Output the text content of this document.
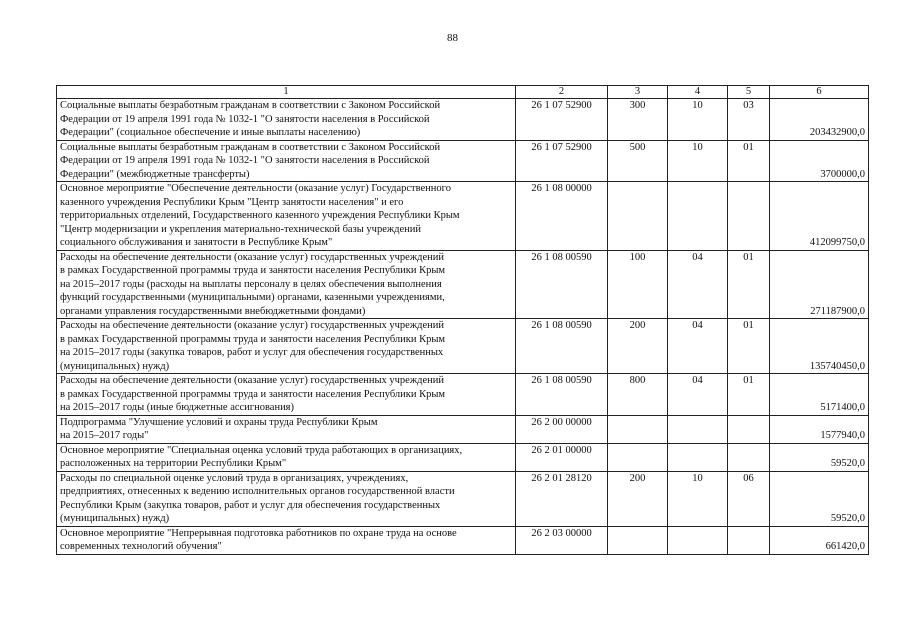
88
1	2	3	4	5	6

Социальные выплаты безработным гражданам в соответствии с Законом Российской
Федерации от 19 апреля 1991 года № 1032-1 "О занятости населения в Российской
Федерации" (социальное обеспечение и иные выплаты населению)	26 1 07 52900	300	10	03	203432900,0

Социальные выплаты безработным гражданам в соответствии с Законом Российской
Федерации от 19 апреля 1991 года № 1032-1 "О занятости населения в Российской
Федерации" (межбюджетные трансферты)	26 1 07 52900	500	10	01	3700000,0

Основное мероприятие "Обеспечение деятельности (оказание услуг) Государственного
казенного учреждения Республики Крым "Центр занятости населения" и его
территориальных отделений, Государственного казенного учреждения Республики Крым
"Центр модернизации и укрепления материально-технической базы учреждений
социального обслуживания и занятости в Республике Крым"	26 1 08 00000				412099750,0

Расходы на обеспечение деятельности (оказание услуг) государственных учреждений
в рамках Государственной программы труда и занятости населения Республики Крым
на 2015–2017 годы (расходы на выплаты персоналу в целях обеспечения выполнения
функций государственными (муниципальными) органами, казенными учреждениями,
органами управления государственными внебюджетными фондами)	26 1 08 00590	100	04	01	271187900,0

Расходы на обеспечение деятельности (оказание услуг) государственных учреждений
в рамках Государственной программы труда и занятости населения Республики Крым
на 2015–2017 годы (закупка товаров, работ и услуг для обеспечения государственных
(муниципальных) нужд)	26 1 08 00590	200	04	01	135740450,0

Расходы на обеспечение деятельности (оказание услуг) государственных учреждений
в рамках Государственной программы труда и занятости населения Республики Крым
на 2015–2017 годы (иные бюджетные ассигнования)	26 1 08 00590	800	04	01	5171400,0

Подпрограмма "Улучшение условий и охраны труда Республики Крым
на 2015–2017 годы"	26 2 00 00000				1577940,0

Основное мероприятие "Специальная оценка условий труда работающих в организациях,
расположенных на территории Республики Крым"	26 2 01 00000				59520,0

Расходы по специальной оценке условий труда в организациях, учреждениях,
предприятиях, отнесенных к ведению исполнительных органов государственной власти
Республики Крым (закупка товаров, работ и услуг для обеспечения государственных
(муниципальных) нужд)	26 2 01 28120	200	10	06	59520,0

Основное мероприятие "Непрерывная подготовка работников по охране труда на основе
современных технологий обучения"	26 2 03 00000				661420,0
